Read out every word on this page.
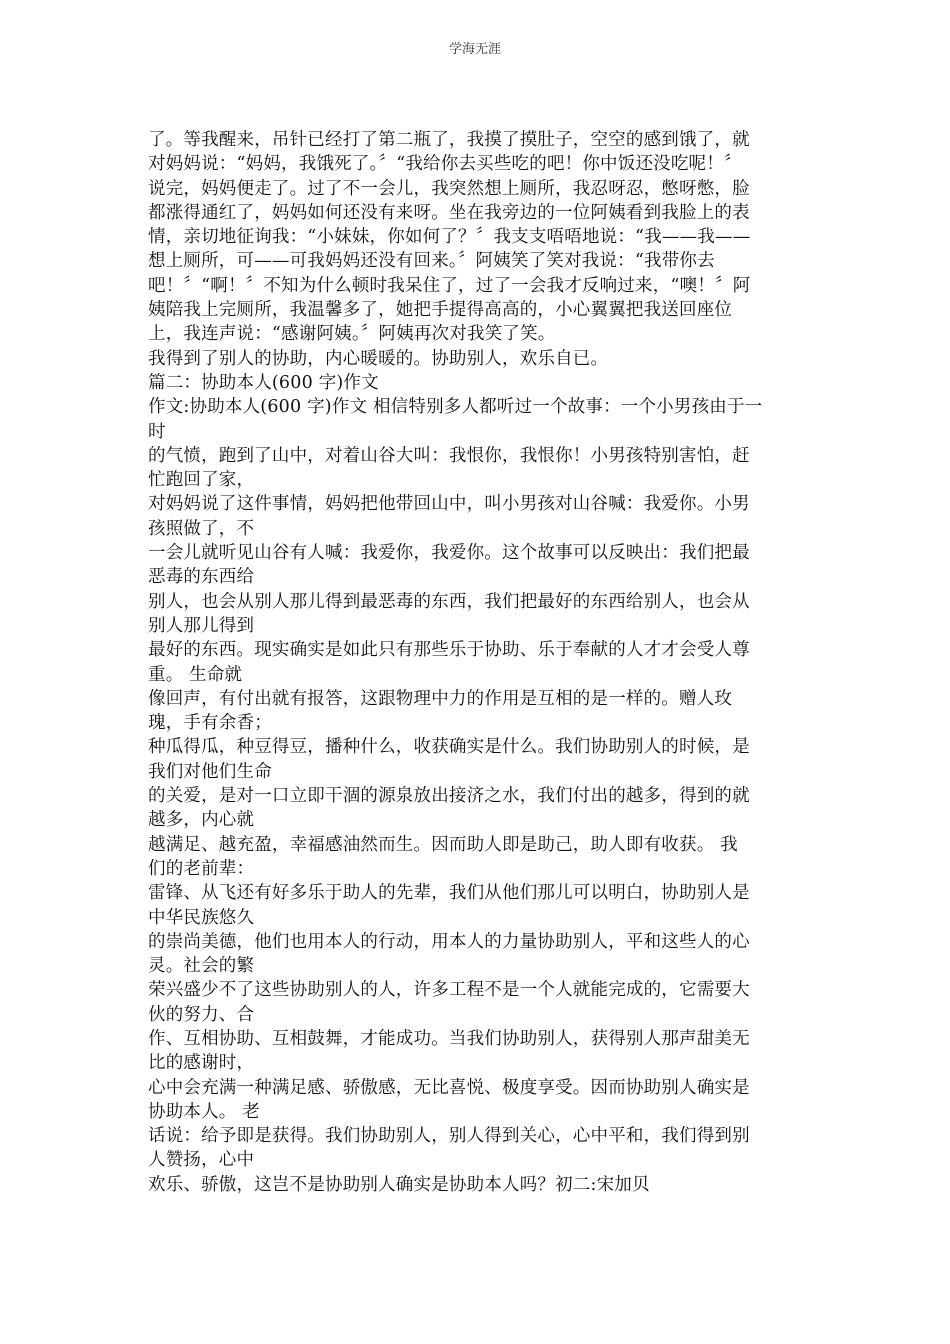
学海无涯
了。等我醒来，吊针已经打了第二瓶了，我摸了摸肚子，空空的感到饿了，就
对妈妈说：“妈妈，我饿死了。〞“我给你去买些吃的吧！你中饭还没吃呢！〞
说完，妈妈便走了。过了不一会儿，我突然想上厕所，我忍呀忍，憋呀憋，脸
都涨得通红了，妈妈如何还没有来呀。坐在我旁边的一位阿姨看到我脸上的表
情，亲切地征询我：“小妹妹，你如何了？〞我支支唔唔地说：“我——我——
想上厕所，可——可我妈妈还没有回来。〞阿姨笑了笑对我说：“我带你去
吧！〞“啊！〞不知为什么顿时我呆住了，过了一会我才反响过来，“噢！〞阿
姨陪我上完厕所，我温馨多了，她把手提得高高的，小心翼翼把我送回座位
上，我连声说：“感谢阿姨。〞阿姨再次对我笑了笑。
我得到了别人的协助，内心暖暖的。协助别人，欢乐自已。
篇二：协助本人(600 字)作文
作文:协助本人(600 字)作文 相信特别多人都听过一个故事：一个小男孩由于一
时
的气愤，跑到了山中，对着山谷大叫：我恨你，我恨你！小男孩特别害怕，赶
忙跑回了家，
对妈妈说了这件事情，妈妈把他带回山中，叫小男孩对山谷喊：我爱你。小男
孩照做了，不
一会儿就听见山谷有人喊：我爱你，我爱你。这个故事可以反映出：我们把最
恶毒的东西给
别人，也会从别人那儿得到最恶毒的东西，我们把最好的东西给别人，也会从
别人那儿得到
最好的东西。现实确实是如此只有那些乐于协助、乐于奉献的人才才会受人尊
重。 生命就
像回声，有付出就有报答，这跟物理中力的作用是互相的是一样的。赠人玫
瑰，手有余香；
种瓜得瓜，种豆得豆，播种什么，收获确实是什么。我们协助别人的时候，是
我们对他们生命
的关爱，是对一口立即干涸的源泉放出接济之水，我们付出的越多，得到的就
越多，内心就
越满足、越充盈，幸福感油然而生。因而助人即是助己，助人即有收获。 我
们的老前辈：
雷锋、从飞还有好多乐于助人的先辈，我们从他们那儿可以明白，协助别人是
中华民族悠久
的崇尚美德，他们也用本人的行动，用本人的力量协助别人，平和这些人的心
灵。社会的繁
荣兴盛少不了这些协助别人的人，许多工程不是一个人就能完成的，它需要大
伙的努力、合
作、互相协助、互相鼓舞，才能成功。当我们协助别人，获得别人那声甜美无
比的感谢时，
心中会充满一种满足感、骄傲感，无比喜悦、极度享受。因而协助别人确实是
协助本人。 老
话说：给予即是获得。我们协助别人，别人得到关心，心中平和，我们得到别
人赞扬，心中
欢乐、骄傲，这岂不是协助别人确实是协助本人吗？初二:宋加贝
